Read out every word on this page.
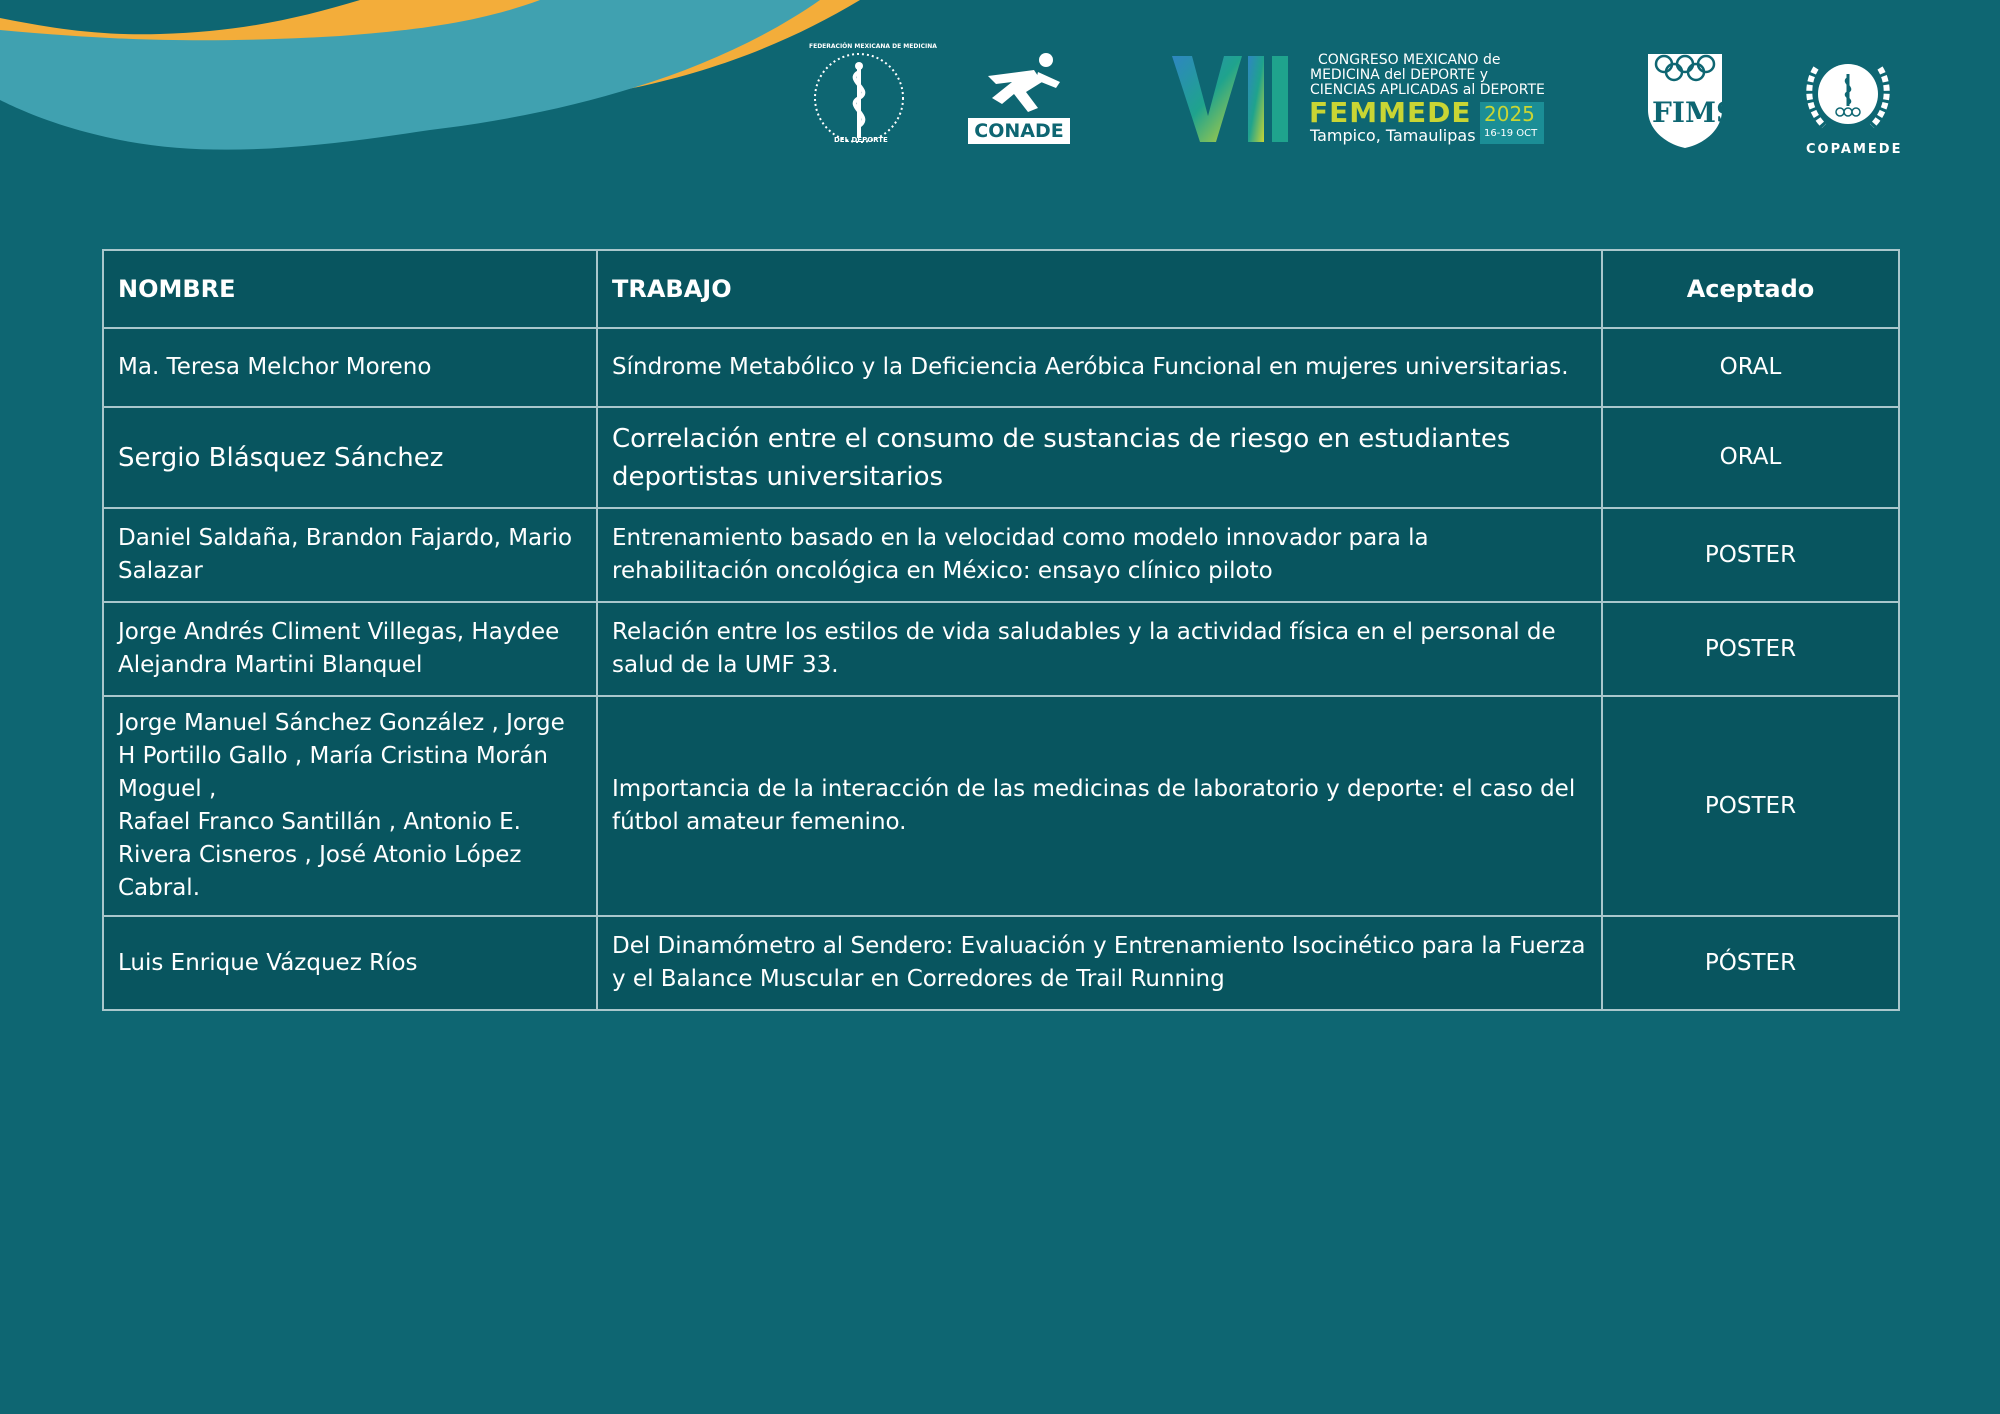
FEDERACIÓN MEXICANA DE MEDICINA
DEL DEPORTE	CONADE
CONGRESO MEXICANO de
MEDICINA del DEPORTE y
CIENCIAS APLICADAS al DEPORTE
FEMMEDE 2025
16-19 OCT
Tampico, Tamaulipas
FIMS
COPAMEDE
NOMBRE	TRABAJO	Aceptado
Ma. Teresa Melchor Moreno	Síndrome Metabólico y la Deficiencia Aeróbica Funcional en mujeres universitarias.	ORAL
Sergio Blásquez Sánchez	Correlación entre el consumo de sustancias de riesgo en estudiantes deportistas universitarios	ORAL
Daniel Saldaña, Brandon Fajardo, Mario Salazar	Entrenamiento basado en la velocidad como modelo innovador para la rehabilitación oncológica en México: ensayo clínico piloto	POSTER
Jorge Andrés Climent Villegas, Haydee Alejandra Martini Blanquel	Relación entre los estilos de vida saludables y la actividad física en el personal de salud de la UMF 33.	POSTER
Jorge Manuel Sánchez González , Jorge H Portillo Gallo , María Cristina Morán Moguel ,
Rafael Franco Santillán , Antonio E. Rivera Cisneros , José Atonio López Cabral.	Importancia de la interacción de las medicinas de laboratorio y deporte: el caso del fútbol amateur femenino.	POSTER
Luis Enrique Vázquez Ríos	Del Dinamómetro al Sendero: Evaluación y Entrenamiento Isocinético para la Fuerza y el Balance Muscular en Corredores de Trail Running	PÓSTER
